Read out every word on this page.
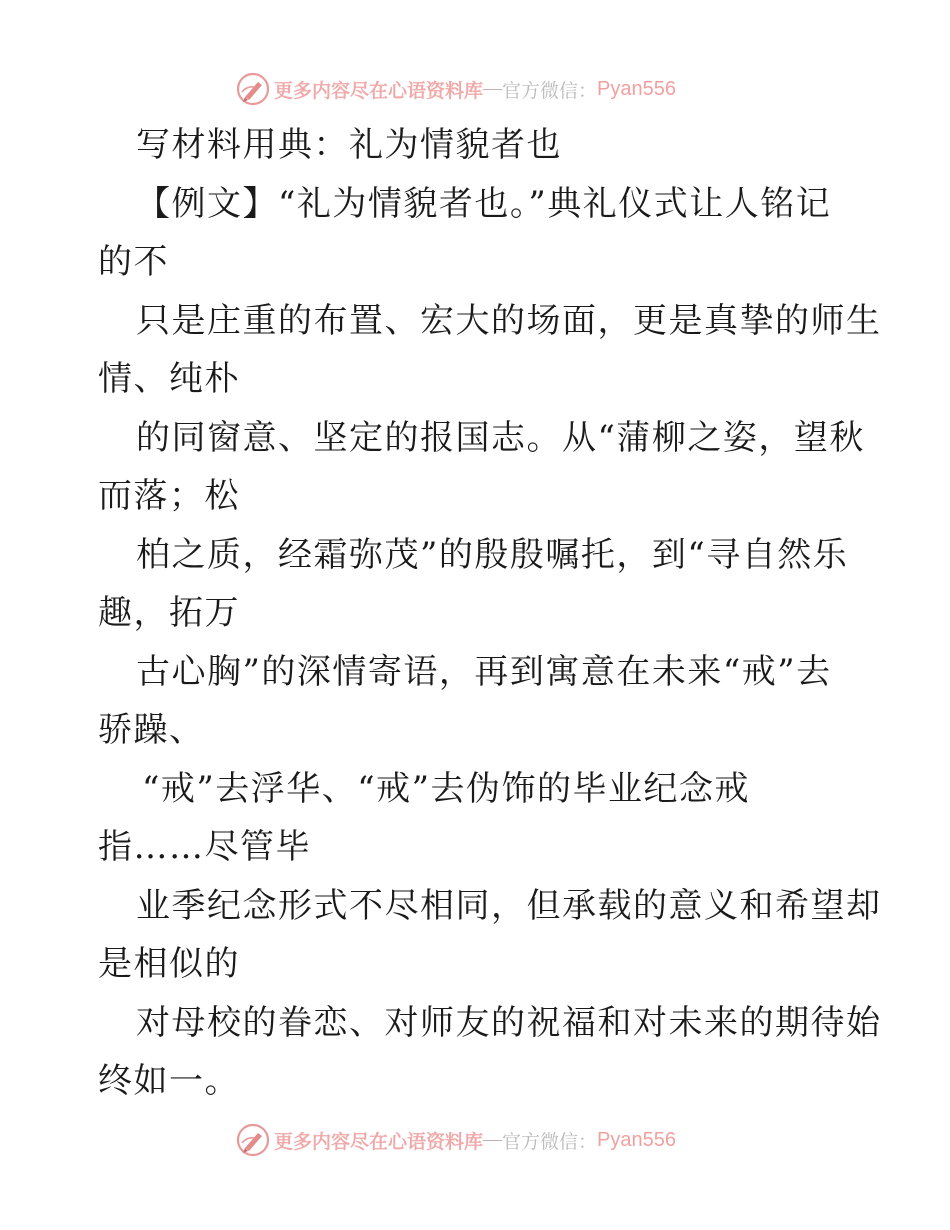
更多内容尽在心语资料库 — 官方微信： Pyan556
写材料用典：礼为情貌者也
【例文】“礼为情貌者也。”典礼仪式让人铭记
的不
只是庄重的布置、宏大的场面，更是真挚的师生
情、纯朴
的同窗意、坚定的报国志。从“蒲柳之姿，望秋
而落；松
柏之质，经霜弥茂”的殷殷嘱托，到“寻自然乐
趣，拓万
古心胸”的深情寄语，再到寓意在未来“戒”去
骄躁、
“戒”去浮华、“戒”去伪饰的毕业纪念戒
指……尽管毕
业季纪念形式不尽相同，但承载的意义和希望却
是相似的
对母校的眷恋、对师友的祝福和对未来的期待始
终如一。
更多内容尽在心语资料库 — 官方微信： Pyan556
